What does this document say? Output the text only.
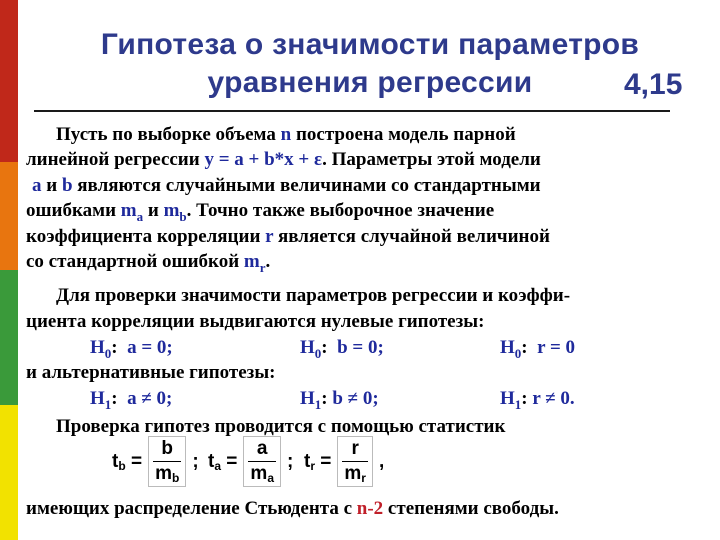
Гипотеза о значимости параметров
уравнения регрессии	4,15
Пусть по выборке объема n построена модель парной
линейной регрессии y = a + b*x + ε. Параметры этой модели
a и b являются случайными величинами со стандартными
ошибками $m_a$ и $m_b$. Точно также выборочное значение
коэффициента корреляции r является случайной величиной
со стандартной ошибкой $m_r$.
Для проверки значимости параметров регрессии и коэффи-
циента корреляции выдвигаются нулевые гипотезы:
$H_0$:  a = 0;	$H_0$:  b = 0;	$H_0$:  r = 0
и альтернативные гипотезы:
$H_1$:  a ≠ 0;	$H_1$: b ≠ 0;	$H_1$: r ≠ 0.
Проверка гипотез проводится с помощью статистик
$t_b = \frac{b}{m_b}$ ; $t_a = \frac{a}{m_a}$ ; $t_r = \frac{r}{m_r}$ ,
имеющих распределение Стьюдента с n-2 степенями свободы.
